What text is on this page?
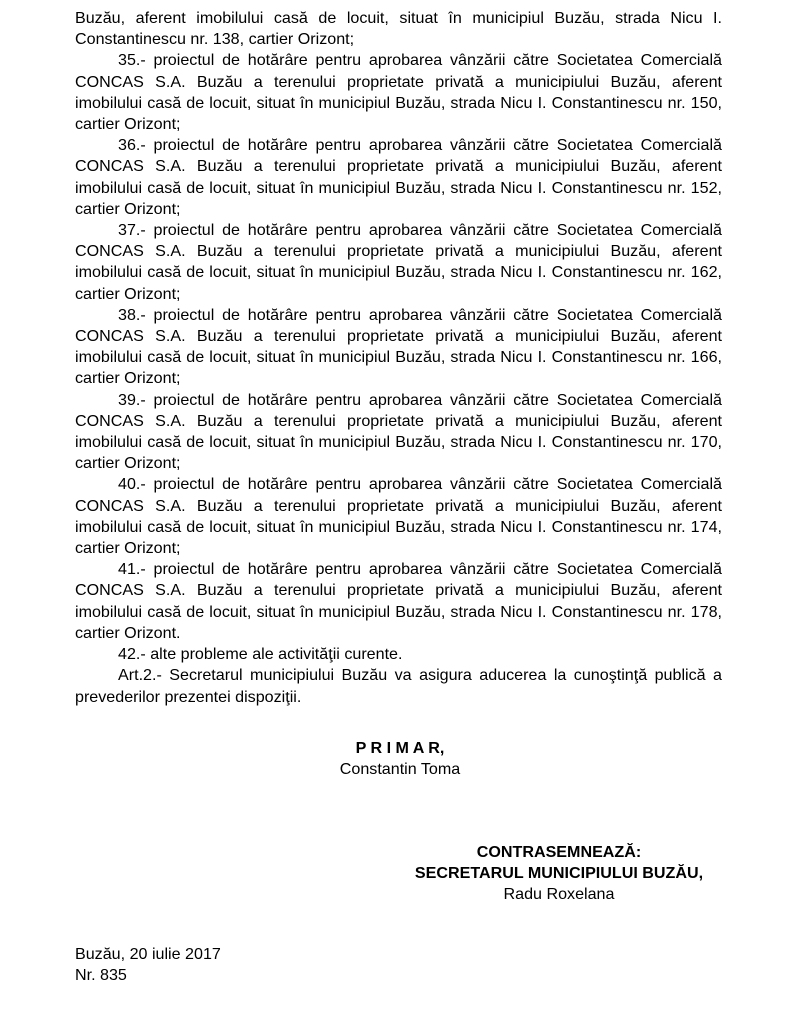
Buzău, aferent imobilului casă de locuit, situat în municipiul Buzău, strada Nicu I. Constantinescu nr. 138, cartier Orizont;

35.- proiectul de hotărâre pentru aprobarea vânzării către Societatea Comercială CONCAS S.A. Buzău a terenului proprietate privată a municipiului Buzău, aferent imobilului casă de locuit, situat în municipiul Buzău, strada Nicu I. Constantinescu nr. 150, cartier Orizont;

36.- proiectul de hotărâre pentru aprobarea vânzării către Societatea Comercială CONCAS S.A. Buzău a terenului proprietate privată a municipiului Buzău, aferent imobilului casă de locuit, situat în municipiul Buzău, strada Nicu I. Constantinescu nr. 152, cartier Orizont;

37.- proiectul de hotărâre pentru aprobarea vânzării către Societatea Comercială CONCAS S.A. Buzău a terenului proprietate privată a municipiului Buzău, aferent imobilului casă de locuit, situat în municipiul Buzău, strada Nicu I. Constantinescu nr. 162, cartier Orizont;

38.- proiectul de hotărâre pentru aprobarea vânzării către Societatea Comercială CONCAS S.A. Buzău a terenului proprietate privată a municipiului Buzău, aferent imobilului casă de locuit, situat în municipiul Buzău, strada Nicu I. Constantinescu nr. 166, cartier Orizont;

39.- proiectul de hotărâre pentru aprobarea vânzării către Societatea Comercială CONCAS S.A. Buzău a terenului proprietate privată a municipiului Buzău, aferent imobilului casă de locuit, situat în municipiul Buzău, strada Nicu I. Constantinescu nr. 170, cartier Orizont;

40.- proiectul de hotărâre pentru aprobarea vânzării către Societatea Comercială CONCAS S.A. Buzău a terenului proprietate privată a municipiului Buzău, aferent imobilului casă de locuit, situat în municipiul Buzău, strada Nicu I. Constantinescu nr. 174, cartier Orizont;

41.- proiectul de hotărâre pentru aprobarea vânzării către Societatea Comercială CONCAS S.A. Buzău a terenului proprietate privată a municipiului Buzău, aferent imobilului casă de locuit, situat în municipiul Buzău, strada Nicu I. Constantinescu nr. 178, cartier Orizont.

42.- alte probleme ale activităţii curente.

Art.2.- Secretarul municipiului Buzău va asigura aducerea la cunoştinţă publică a prevederilor prezentei dispoziţii.

P R I M A R,
Constantin Toma
CONTRASEMNEAZĂ:
SECRETARUL MUNICIPIULUI BUZĂU,
Radu Roxelana
Buzău, 20 iulie 2017
Nr. 835
